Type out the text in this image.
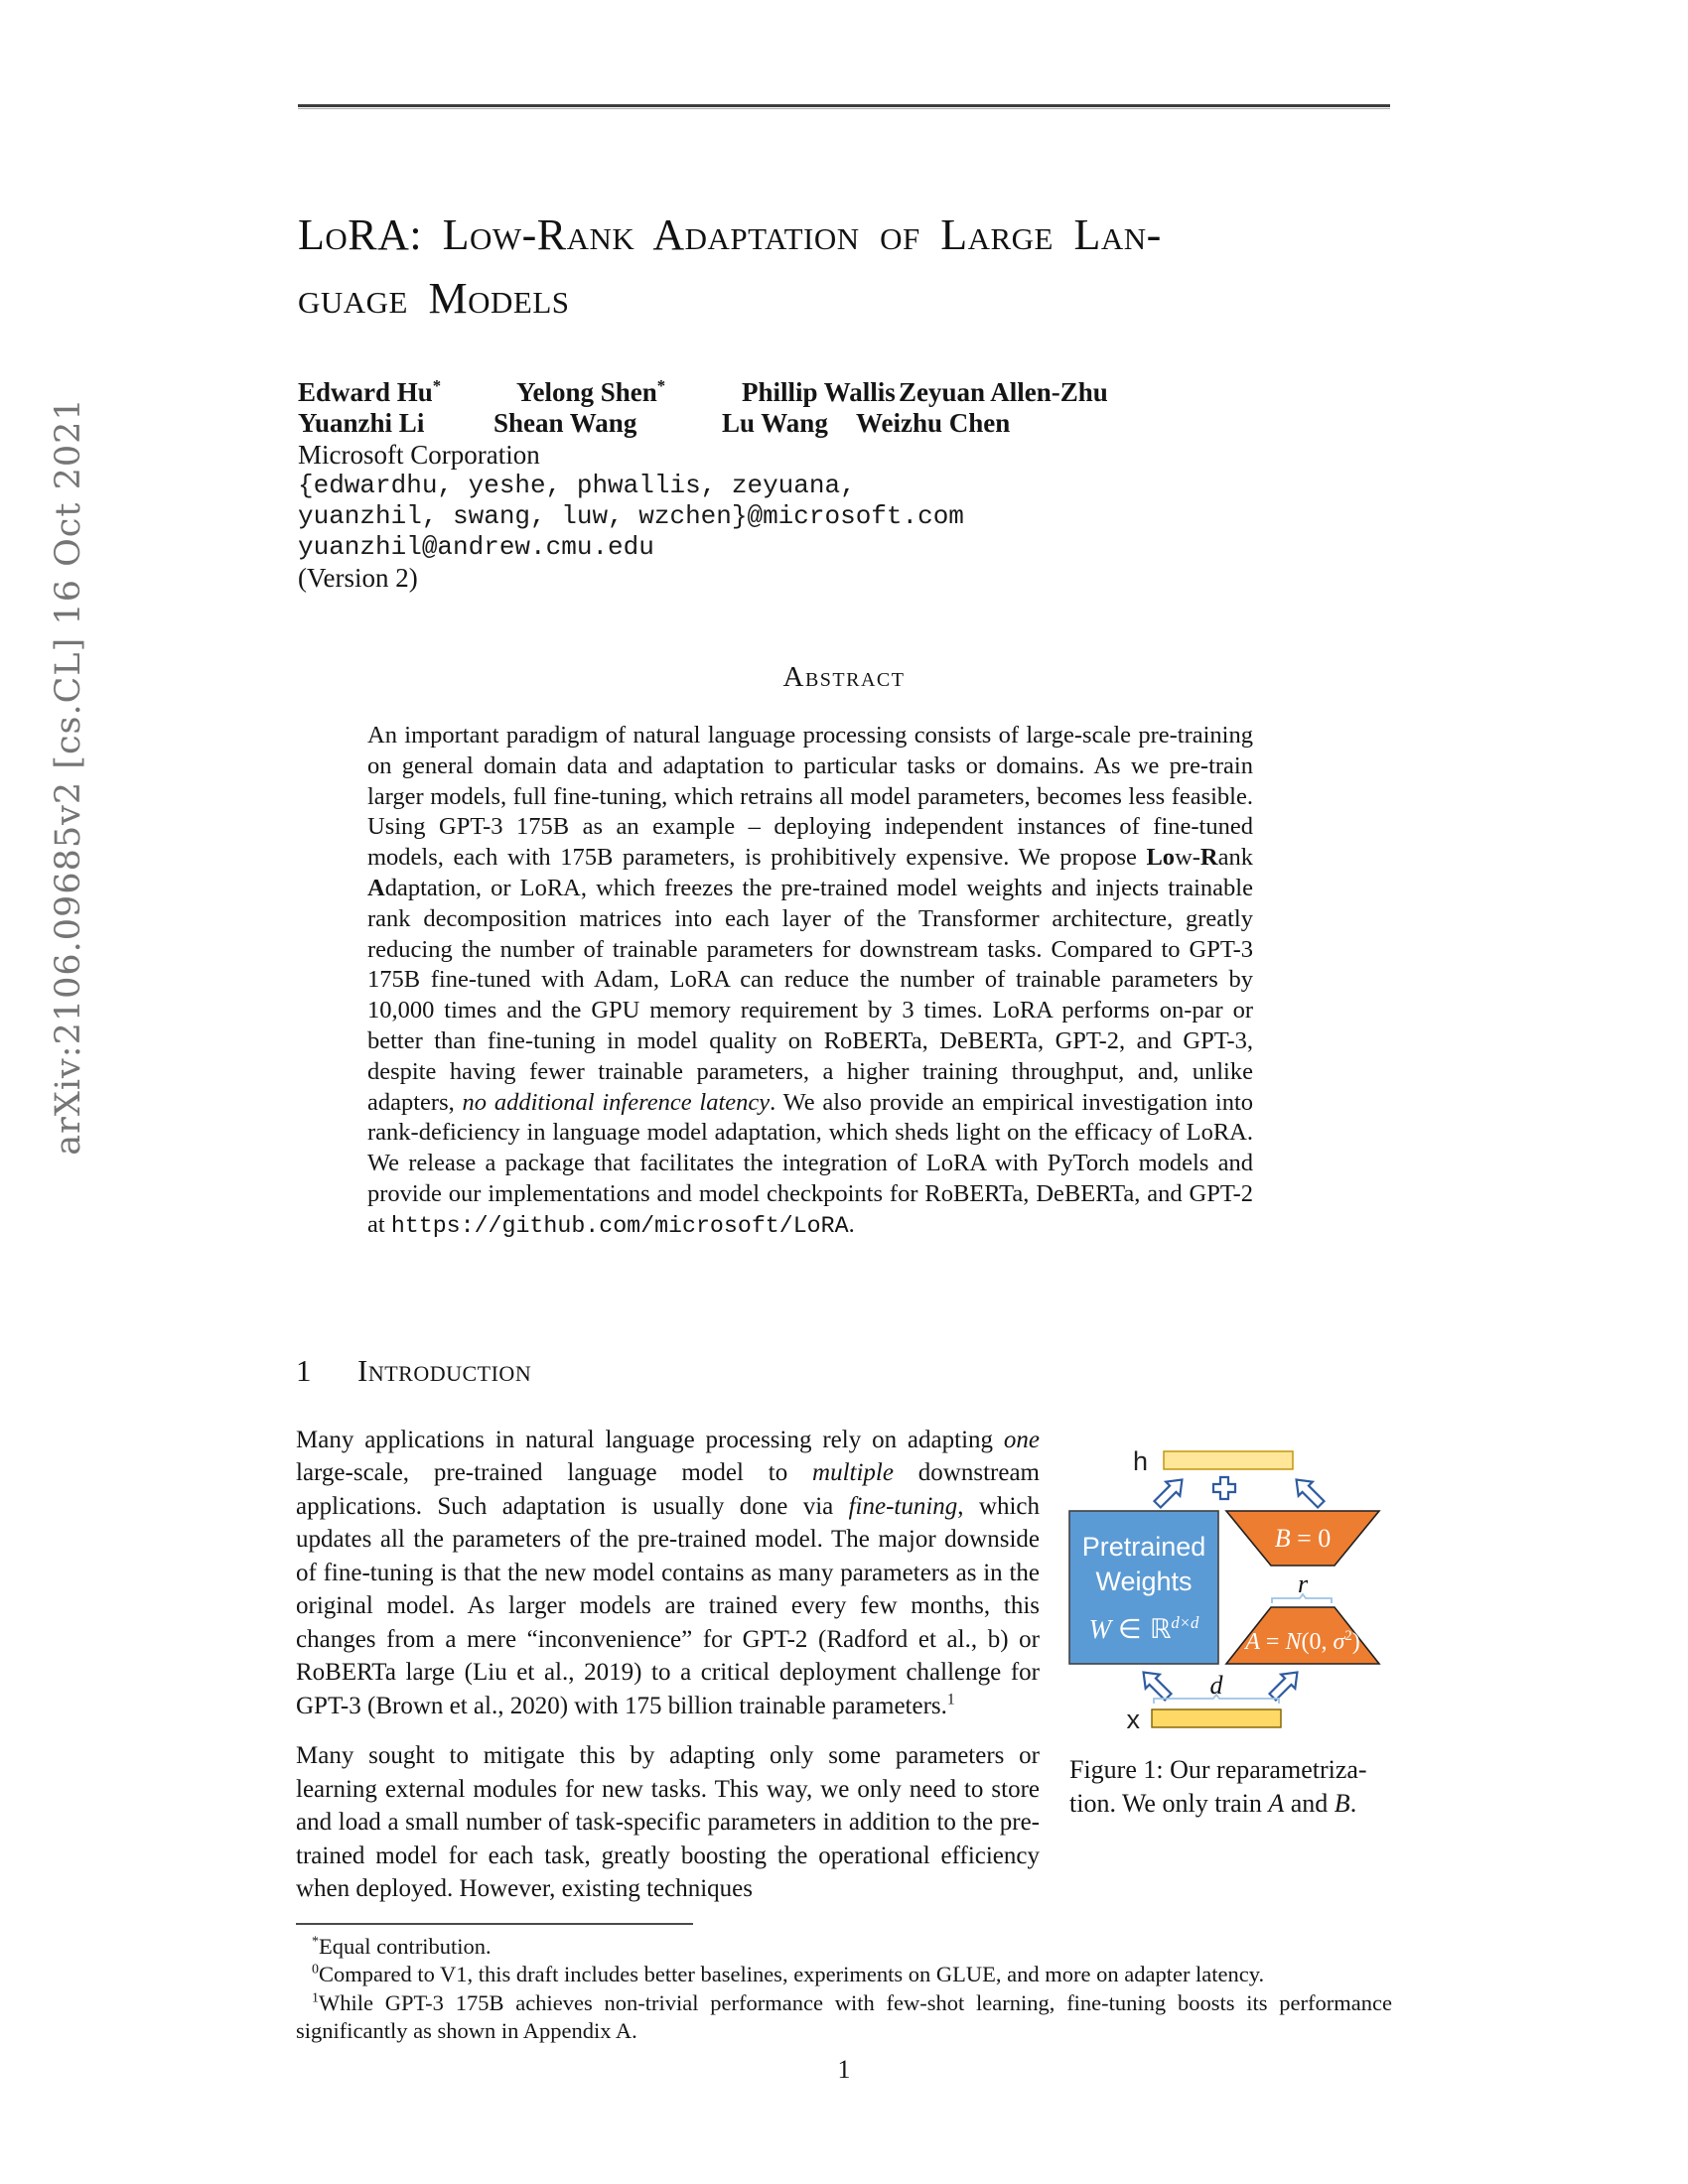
arXiv:2106.09685v2 [cs.CL] 16 Oct 2021
LoRA: Low-Rank Adaptation of Large Lan-
guage Models
Edward Hu*	Yelong Shen*	Phillip Wallis Zeyuan Allen-Zhu
Yuanzhi Li	Shean Wang	Lu Wang Weizhu Chen
Microsoft Corporation
{edwardhu, yeshe, phwallis, zeyuana,
yuanzhil, swang, luw, wzchen}@microsoft.com
yuanzhil@andrew.cmu.edu
(Version 2)
Abstract
An important paradigm of natural language processing consists of large-scale pre-training on general domain data and adaptation to particular tasks or domains. As we pre-train larger models, full fine-tuning, which retrains all model parameters, becomes less feasible. Using GPT-3 175B as an example – deploying independent instances of fine-tuned models, each with 175B parameters, is prohibitively expensive. We propose Low-Rank Adaptation, or LoRA, which freezes the pre-trained model weights and injects trainable rank decomposition matrices into each layer of the Transformer architecture, greatly reducing the number of trainable parameters for downstream tasks. Compared to GPT-3 175B fine-tuned with Adam, LoRA can reduce the number of trainable parameters by 10,000 times and the GPU memory requirement by 3 times. LoRA performs on-par or better than fine-tuning in model quality on RoBERTa, DeBERTa, GPT-2, and GPT-3, despite having fewer trainable parameters, a higher training throughput, and, unlike adapters, no additional inference latency. We also provide an empirical investigation into rank-deficiency in language model adaptation, which sheds light on the efficacy of LoRA. We release a package that facilitates the integration of LoRA with PyTorch models and provide our implementations and model checkpoints for RoBERTa, DeBERTa, and GPT-2 at https://github.com/microsoft/LoRA.
1 Introduction
h
Pretrained
Weights
W ∈ ℝ$^{d\times d}$
B = 0
r
A = N(0, $\sigma^2$)
d
x
Figure 1: Our reparametriza-
tion. We only train A and B.

Many applications in natural language processing rely on adapting one large-scale, pre-trained language model to multiple downstream applications. Such adaptation is usually done via fine-tuning, which updates all the parameters of the pre-trained model. The major downside of fine-tuning is that the new model contains as many parameters as in the original model. As larger models are trained every few months, this changes from a mere “inconvenience” for GPT-2 (Radford et al., b) or RoBERTa large (Liu et al., 2019) to a critical deployment challenge for GPT-3 (Brown et al., 2020) with 175 billion trainable parameters.$^1$

Many sought to mitigate this by adapting only some parameters or learning external modules for new tasks. This way, we only need to store and load a small number of task-specific parameters in addition to the pre-trained model for each task, greatly boosting the operational efficiency when deployed. However, existing techniques

*Equal contribution.

$^0$Compared to V1, this draft includes better baselines, experiments on GLUE, and more on adapter latency.

$^1$While GPT-3 175B achieves non-trivial performance with few-shot learning, fine-tuning boosts its performance significantly as shown in Appendix A.

1
